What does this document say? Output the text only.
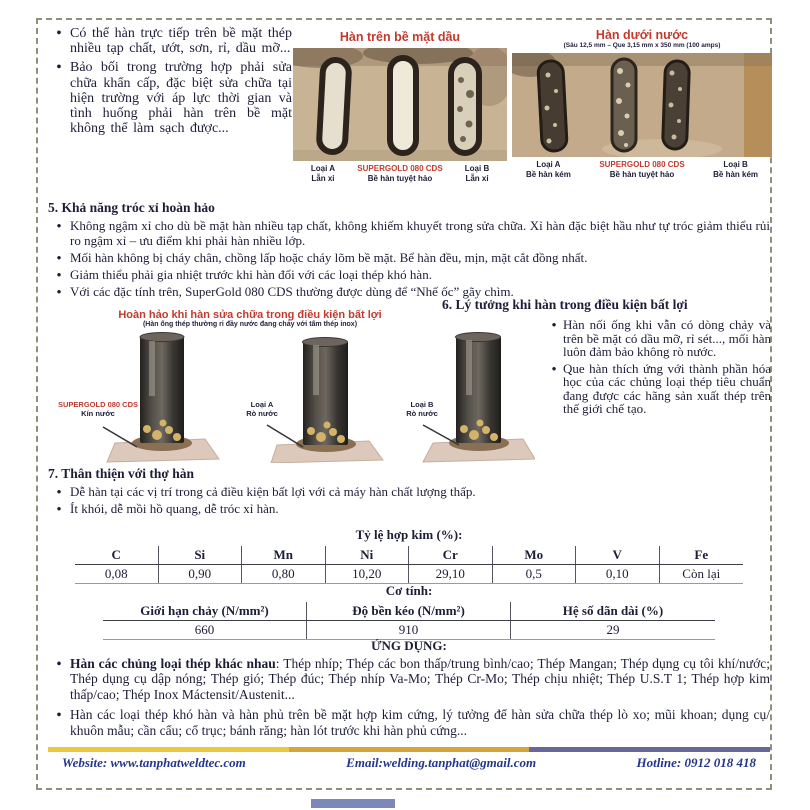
•
Có thể hàn trực tiếp trên bề mặt thép nhiều tạp chất, ướt, sơn, rỉ, dầu mỡ...
•
Bảo bối trong trường hợp phải sửa chữa khẩn cấp, đặc biệt sửa chữa tại hiện trường với áp lực thời gian và tình huống phải hàn trên bề mặt không thể làm sạch được...
Hàn trên bề mặt dầu
Loại A
Lẫn xỉ
SUPERGOLD 080 CDS
Bề hàn tuyệt hảo
Loại B
Lẫn xỉ
Hàn dưới nước
(Sâu 12,5 mm – Que 3,15 mm x 350 mm (100 amps)
Loại A
Bề hàn kém
SUPERGOLD 080 CDS
Bề hàn tuyệt hảo
Loại B
Bề hàn kém
5. Khả năng tróc xỉ hoàn hảo
•
Không ngậm xỉ cho dù bề mặt hàn nhiều tạp chất, không khiếm khuyết trong sửa chữa. Xỉ hàn đặc biệt hầu như tự tróc giảm thiểu rủi ro ngậm xỉ – ưu điểm khi phải hàn nhiều lớp.
•
Mối hàn không bị cháy chân, chồng lấp hoặc cháy lõm bề mặt. Bể hàn đều, mịn, mặt cắt đồng nhất.
•
Giảm thiểu phải gia nhiệt trước khi hàn đối với các loại thép khó hàn.
•
Với các đặc tính trên, SuperGold 080 CDS thường được dùng để “Nhế ốc” gãy chìm.
6. Lý tưởng khi hàn trong điều kiện bất lợi
•
Hàn nối ống khi vẫn có dòng chảy và trên bề mặt có dầu mỡ, rỉ sét..., mối hàn luôn đảm bảo không rò nước.
•
Que hàn thích ứng với thành phần hóa học của các chủng loại thép tiêu chuẩn đang được các hãng sản xuất thép trên thế giới chế tạo.
Hoàn hảo khi hàn sửa chữa trong điều kiện bất lợi
(Hàn ống thép thường rỉ đầy nước đang chảy với tấm thép inox)
SUPERGOLD 080 CDS
Kín nước
Loại A
Rò nước
Loại B
Rò nước
7. Thân thiện với thợ hàn
•
Dễ hàn tại các vị trí trong cả điều kiện bất lợi với cả máy hàn chất lượng thấp.
•
Ít khói, dễ mồi hồ quang, dễ tróc xỉ hàn.
Tỷ lệ hợp kim (%):
C	Si	Mn	Ni	Cr	Mo	V	Fe
0,08	0,90	0,80	10,20	29,10	0,5	0,10	Còn lại
Cơ tính:
Giới hạn chảy (N/mm²)	Độ bền kéo (N/mm²)	Hệ số dãn dài (%)
660	910	29
ỨNG DỤNG:
•
Hàn các chủng loại thép khác nhau: Thép nhíp; Thép các bon thấp/trung bình/cao; Thép Mangan; Thép dụng cụ tôi khí/nước; Thép dụng cụ dập nóng; Thép gió; Thép đúc; Thép nhíp Va-Mo; Thép Cr-Mo; Thép chịu nhiệt; Thép U.S.T 1; Thép hợp kim thấp/cao; Thép Inox Máctensit/Austenit...
•
Hàn các loại thép khó hàn và hàn phủ trên bề mặt hợp kim cứng, lý tưởng để hàn sửa chữa thép lò xo; mũi khoan; dụng cụ/ khuôn mẫu; cần cẩu; cổ trục; bánh răng; hàn lót trước khi hàn phủ cứng...
Website: www.tanphatweldtec.com	Email:welding.tanphat@gmail.com	Hotline: 0912 018 418
